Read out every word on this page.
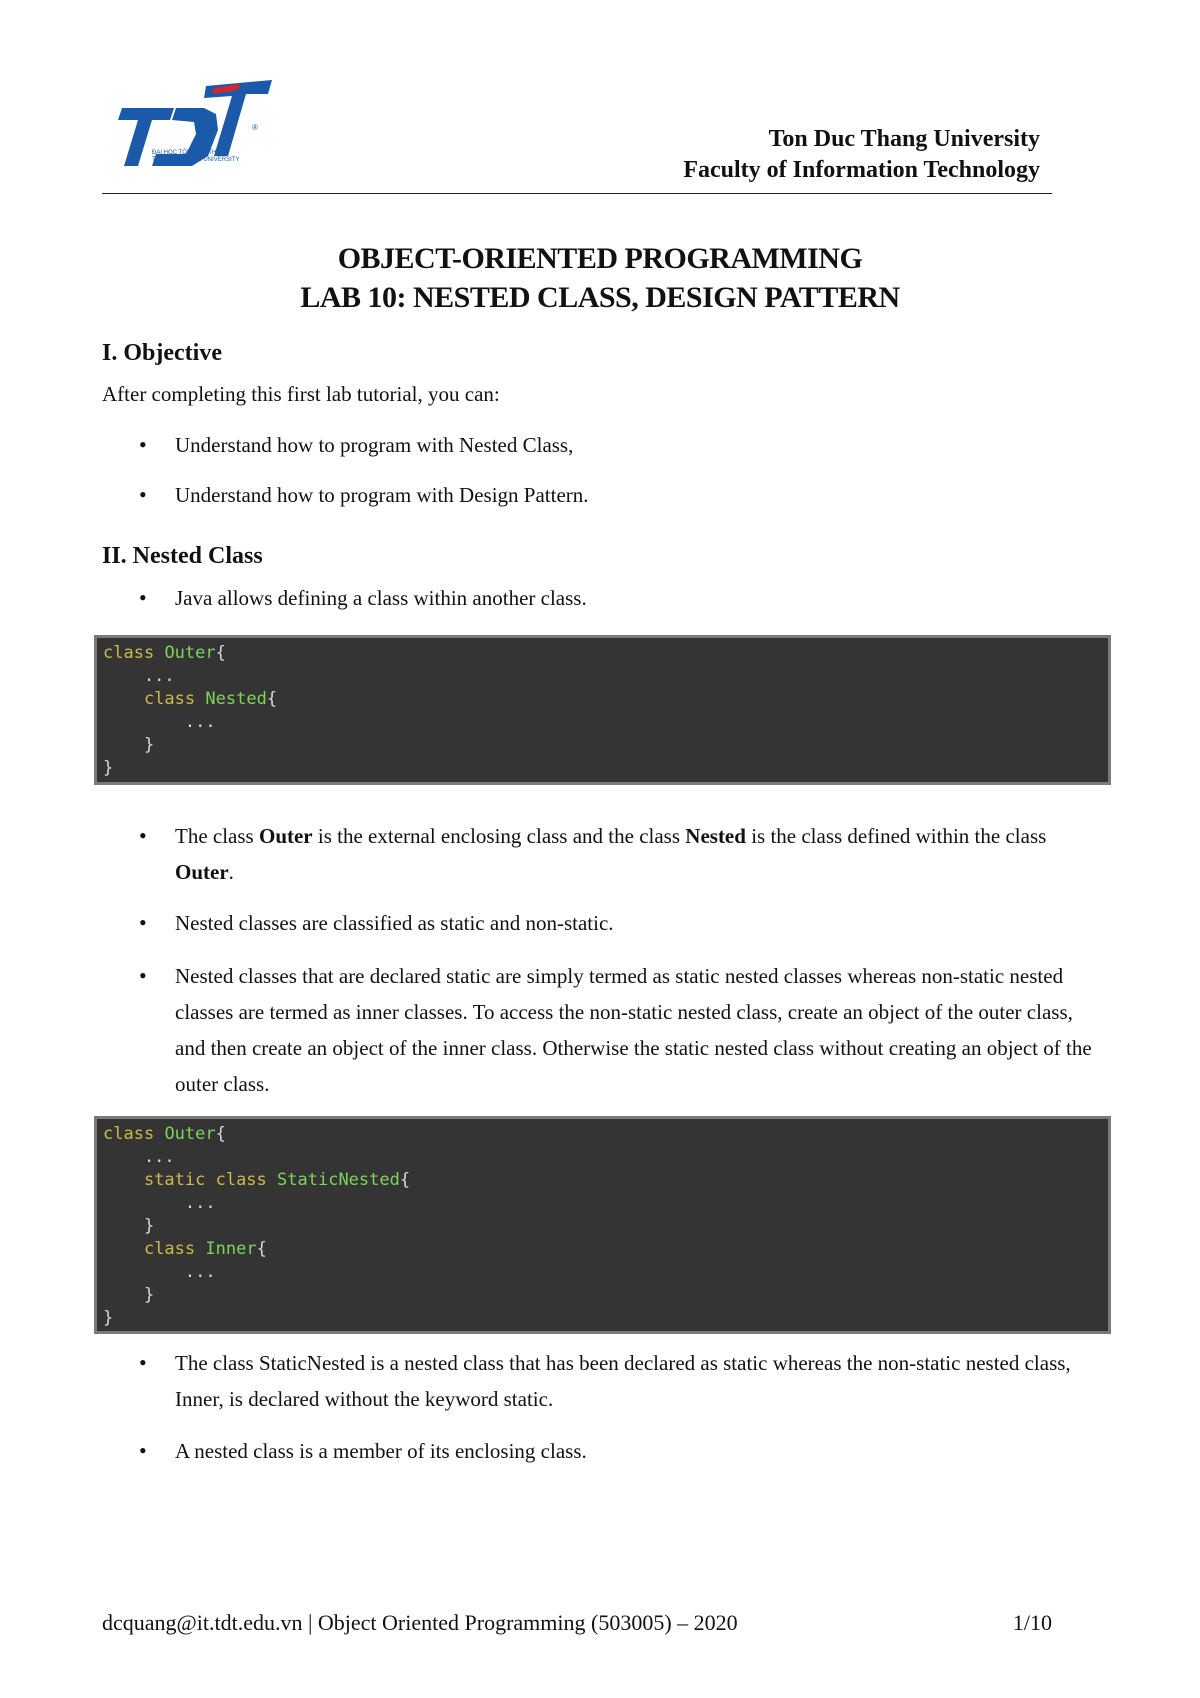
ĐẠI HỌC TÔN ĐỨC THẮNG
TON DUC THANG UNIVERSITY
®	Ton Duc Thang University
Faculty of Information Technology
OBJECT-ORIENTED PROGRAMMING
LAB 10: NESTED CLASS, DESIGN PATTERN
I. Objective
After completing this first lab tutorial, you can:
• Understand how to program with Nested Class,
• Understand how to program with Design Pattern.
II. Nested Class
• Java allows defining a class within another class.
class Outer{
...
class Nested{
...
}
}
• The class Outer is the external enclosing class and the class Nested is the class defined within the class Outer.
• Nested classes are classified as static and non-static.
• Nested classes that are declared static are simply termed as static nested classes whereas non-static nested classes are termed as inner classes. To access the non-static nested class, create an object of the outer class, and then create an object of the inner class. Otherwise the static nested class without creating an object of the outer class.
class Outer{
...
static class StaticNested{
...
}
class Inner{
...
}
}
• The class StaticNested is a nested class that has been declared as static whereas the non-static nested class, Inner, is declared without the keyword static.
• A nested class is a member of its enclosing class.
dcquang@it.tdt.edu.vn | Object Oriented Programming (503005) – 2020	1/10
